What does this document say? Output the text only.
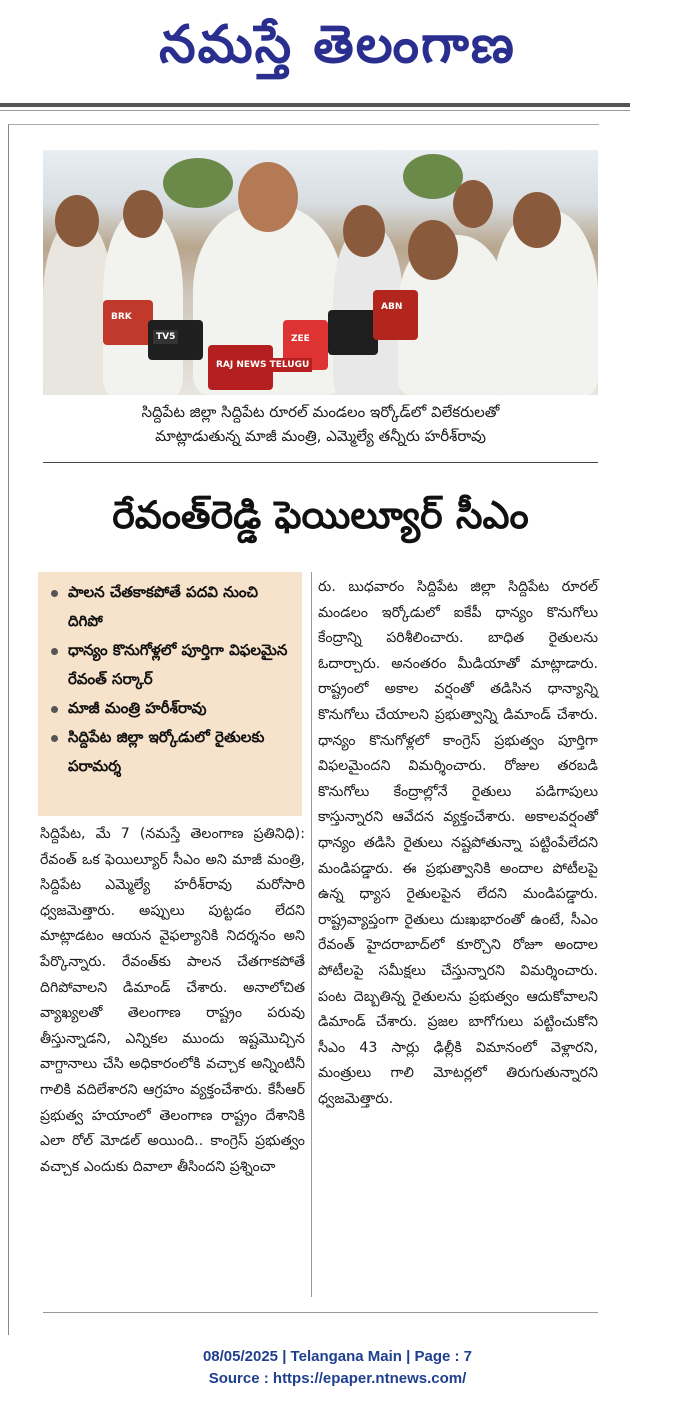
నమస్తే తెలంగాణ
RAJ NEWS TELUGU
ABN
BRK
TV5	ZEE
సిద్దిపేట జిల్లా సిద్దిపేట రూరల్ మండలం ఇర్కోడ్‌లో విలేకరులతో
మాట్లాడుతున్న మాజీ మంత్రి, ఎమ్మెల్యే తన్నీరు హరీశ్‌రావు
రేవంత్‌రెడ్డి ఫెయిల్యూర్ సీఎం
పాలన చేతకాకపోతే పదవి నుంచి దిగిపో
ధాన్యం కొనుగోళ్లలో పూర్తిగా విఫలమైన రేవంత్ సర్కార్
మాజీ మంత్రి హరీశ్‌రావు
సిద్దిపేట జిల్లా ఇర్కోడులో రైతులకు పరామర్శ
సిద్దిపేట, మే 7 (నమస్తే తెలంగాణ ప్రతినిధి): రేవంత్ ఒక ఫెయిల్యూర్ సీఎం అని మాజీ మంత్రి, సిద్దిపేట ఎమ్మెల్యే హరీశ్‌రావు మరోసారి ధ్వజమెత్తారు. అప్పులు పుట్టడం లేదని మాట్లాడటం ఆయన వైఫల్యానికి నిదర్శనం అని పేర్కొన్నారు. రేవంత్‌కు పాలన చేతగాకపోతే దిగిపోవాలని డిమాండ్ చేశారు. అనాలోచిత వ్యాఖ్యలతో తెలంగాణ రాష్ట్రం పరువు తీస్తున్నాడని, ఎన్నికల ముందు ఇష్టమొచ్చిన వాగ్దానాలు చేసి అధికారంలోకి వచ్చాక అన్నింటినీ గాలికి వదిలేశారని ఆగ్రహం వ్యక్తంచేశారు. కేసీఆర్ ప్రభుత్వ హయాంలో తెలంగాణ రాష్ట్రం దేశానికి ఎలా రోల్ మోడల్ అయింది.. కాంగ్రెస్ ప్రభుత్వం వచ్చాక ఎందుకు దివాలా తీసిందని ప్రశ్నించా
రు. బుధవారం సిద్దిపేట జిల్లా సిద్దిపేట రూరల్ మండలం ఇర్కోడులో ఐకేపీ ధాన్యం కొనుగోలు కేంద్రాన్ని పరిశీలించారు. బాధిత రైతులను ఓదార్చారు. అనంతరం మీడియాతో మాట్లాడారు. రాష్ట్రంలో అకాల వర్షంతో తడిసిన ధాన్యాన్ని కొనుగోలు చేయాలని ప్రభుత్వాన్ని డిమాండ్ చేశారు. ధాన్యం కొనుగోళ్లలో కాంగ్రెస్ ప్రభుత్వం పూర్తిగా విఫలమైందని విమర్శించారు. రోజుల తరబడి కొనుగోలు కేంద్రాల్లోనే రైతులు పడిగాపులు కాస్తున్నారని ఆవేదన వ్యక్తంచేశారు. అకాలవర్షంతో ధాన్యం తడిసి రైతులు నష్టపోతున్నా పట్టింపేలేదని మండిపడ్డారు. ఈ ప్రభుత్వానికి అందాల పోటీలపై ఉన్న ధ్యాస రైతులపైన లేదని మండిపడ్డారు. రాష్ట్రవ్యాప్తంగా రైతులు దుఃఖభారంతో ఉంటే, సీఎం రేవంత్ హైదరాబాద్‌లో కూర్చొని రోజూ అందాల పోటీలపై సమీక్షలు చేస్తున్నారని విమర్శించారు. పంట దెబ్బతిన్న రైతులను ప్రభుత్వం ఆదుకోవాలని డిమాండ్ చేశారు. ప్రజల బాగోగులు పట్టించుకోని సీఎం 43 సార్లు ఢిల్లీకి విమానంలో వెళ్లారని, మంత్రులు గాలి మోటర్లలో తిరుగుతున్నారని ధ్వజమెత్తారు.
08/05/2025 | Telangana Main | Page : 7
Source : https://epaper.ntnews.com/
